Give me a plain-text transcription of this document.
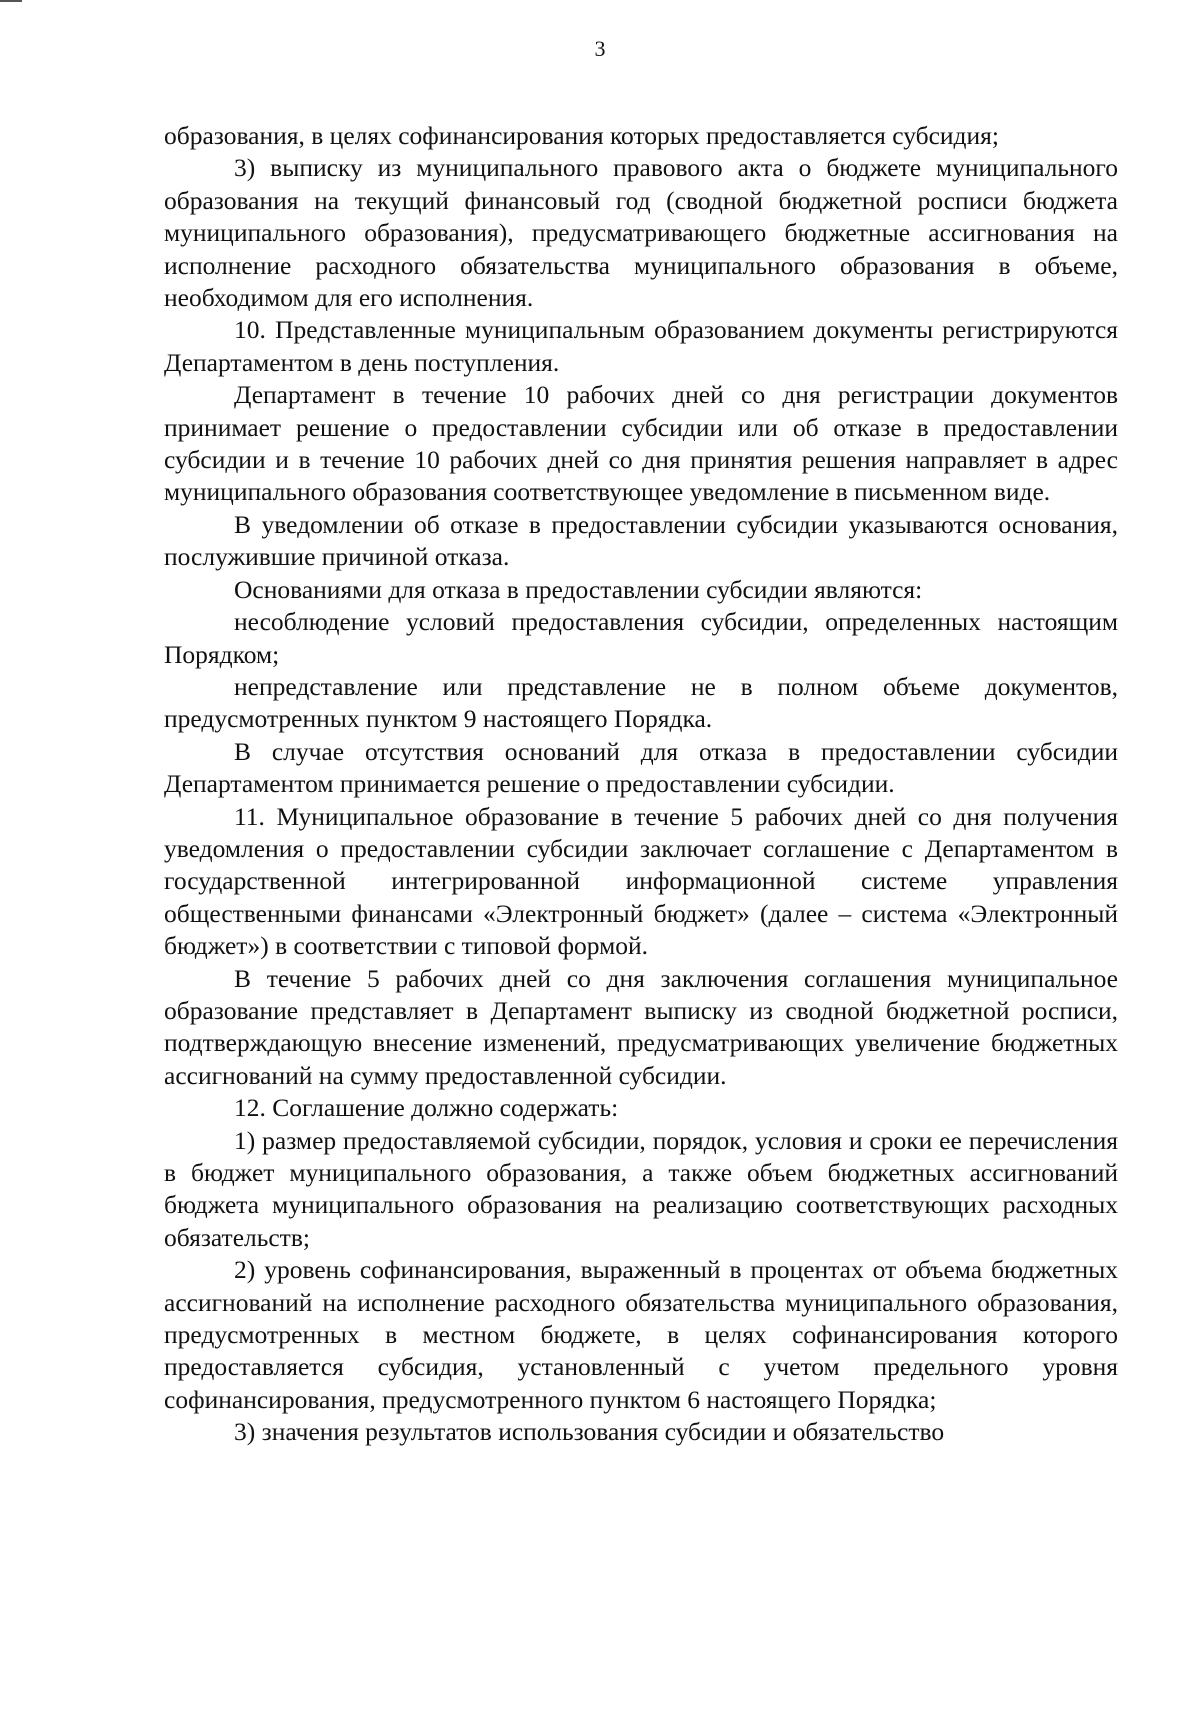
3

образования, в целях софинансирования которых предоставляется субсидия;

3) выписку из муниципального правового акта о бюджете муниципального образования на текущий финансовый год (сводной бюджетной росписи бюджета муниципального образования), предусматривающего бюджетные ассигнования на исполнение расходного обязательства муниципального образования в объеме, необходимом для его исполнения.

10. Представленные муниципальным образованием документы регистрируются Департаментом в день поступления.

Департамент в течение 10 рабочих дней со дня регистрации документов принимает решение о предоставлении субсидии или об отказе в предоставлении субсидии и в течение 10 рабочих дней со дня принятия решения направляет в адрес муниципального образования соответствующее уведомление в письменном виде.

В уведомлении об отказе в предоставлении субсидии указываются основания, послужившие причиной отказа.

Основаниями для отказа в предоставлении субсидии являются:

несоблюдение условий предоставления субсидии, определенных настоящим Порядком;

непредставление или представление не в полном объеме документов, предусмотренных пунктом 9 настоящего Порядка.

В случае отсутствия оснований для отказа в предоставлении субсидии Департаментом принимается решение о предоставлении субсидии.

11. Муниципальное образование в течение 5 рабочих дней со дня получения уведомления о предоставлении субсидии заключает соглашение с Департаментом в государственной интегрированной информационной системе управления общественными финансами «Электронный бюджет» (далее – система «Электронный бюджет») в соответствии с типовой формой.

В течение 5 рабочих дней со дня заключения соглашения муниципальное образование представляет в Департамент выписку из сводной бюджетной росписи, подтверждающую внесение изменений, предусматривающих увеличение бюджетных ассигнований на сумму предоставленной субсидии.

12. Соглашение должно содержать:

1) размер предоставляемой субсидии, порядок, условия и сроки ее перечисления в бюджет муниципального образования, а также объем бюджетных ассигнований бюджета муниципального образования на реализацию соответствующих расходных обязательств;

2) уровень софинансирования, выраженный в процентах от объема бюджетных ассигнований на исполнение расходного обязательства муниципального образования, предусмотренных в местном бюджете, в целях софинансирования которого предоставляется субсидия, установленный с учетом предельного уровня софинансирования, предусмотренного пунктом 6 настоящего Порядка;

3) значения результатов использования субсидии и обязательство
